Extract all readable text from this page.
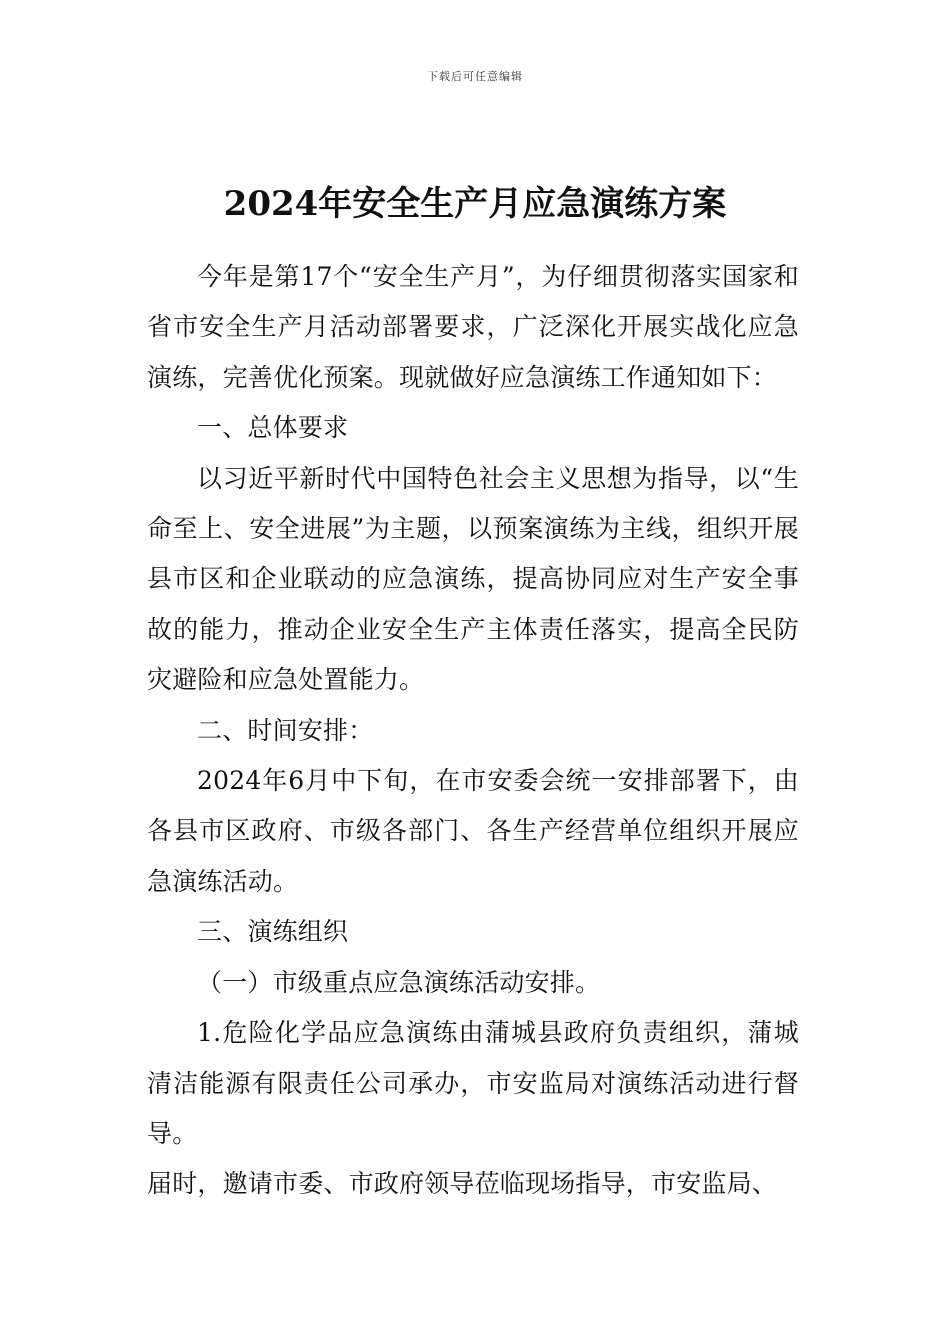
下载后可任意编辑
2024年安全生产月应急演练方案

今年是第17个“安全生产月”，为仔细贯彻落实国家和省市安全生产月活动部署要求，广泛深化开展实战化应急演练，完善优化预案。现就做好应急演练工作通知如下：

一、总体要求

以习近平新时代中国特色社会主义思想为指导，以“生命至上、安全进展”为主题，以预案演练为主线，组织开展县市区和企业联动的应急演练，提高协同应对生产安全事故的能力，推动企业安全生产主体责任落实，提高全民防灾避险和应急处置能力。

二、时间安排：

2024年6月中下旬，在市安委会统一安排部署下，由各县市区政府、市级各部门、各生产经营单位组织开展应急演练活动。

三、演练组织

（一）市级重点应急演练活动安排。

1.危险化学品应急演练由蒲城县政府负责组织，蒲城清洁能源有限责任公司承办，市安监局对演练活动进行督导。

届时，邀请市委、市政府领导莅临现场指导，市安监局、
